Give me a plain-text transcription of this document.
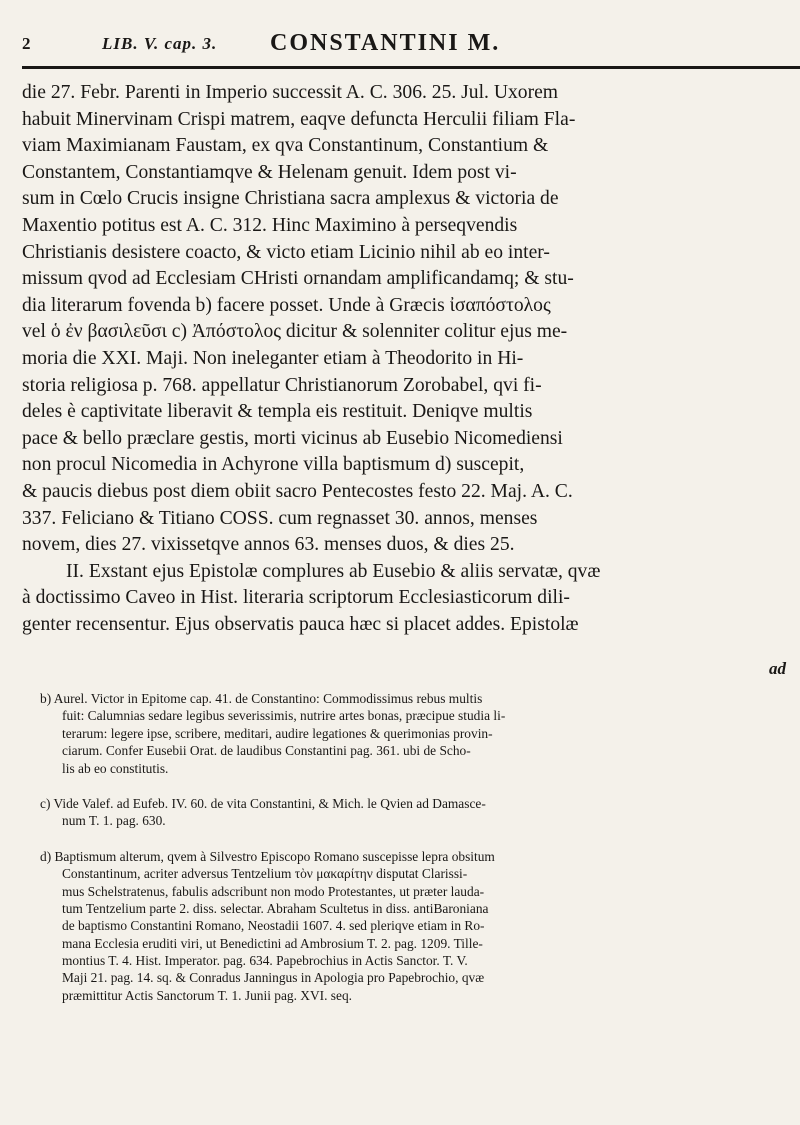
2	LIB. V. cap. 3. CONSTANTINI M.
die 27. Febr. Parenti in Imperio successit A. C. 306. 25. Jul. Uxorem
habuit Minervinam Crispi matrem, eaqve defuncta Herculii filiam Fla-
viam Maximianam Faustam, ex qva Constantinum, Constantium &
Constantem, Constantiamqve & Helenam genuit. Idem post vi-
sum in Cœlo Crucis insigne Christiana sacra amplexus & victoria de
Maxentio potitus est A. C. 312. Hinc Maximino à perseqvendis
Christianis desistere coacto, & victo etiam Licinio nihil ab eo inter-
missum qvod ad Ecclesiam CHristi ornandam amplificandamq; & stu-
dia literarum fovenda b) facere posset. Unde à Græcis ἰσαπόστολος
vel ὁ ἐν βασιλεῦσι c) Ἀπόστολος dicitur & solenniter colitur ejus me-
moria die XXI. Maji. Non ineleganter etiam à Theodorito in Hi-
storia religiosa p. 768. appellatur Christianorum Zorobabel, qvi fi-
deles è captivitate liberavit & templa eis restituit. Deniqve multis
pace & bello præclare gestis, morti vicinus ab Eusebio Nicomediensi
non procul Nicomedia in Achyrone villa baptismum d) suscepit,
& paucis diebus post diem obiit sacro Pentecostes festo 22. Maj. A. C.
337. Feliciano & Titiano COSS. cum regnasset 30. annos, menses
novem, dies 27. vixissetqve annos 63. menses duos, & dies 25.
II. Exstant ejus Epistolæ complures ab Eusebio & aliis servatæ, qvæ
à doctissimo Caveo in Hist. literaria scriptorum Ecclesiasticorum dili-
genter recensentur. Ejus observatis pauca hæc si placet addes. Epistolæ
ad
b) Aurel. Victor in Epitome cap. 41. de Constantino: Commodissimus rebus multis
fuit: Calumnias sedare legibus severissimis, nutrire artes bonas, præcipue studia li-
terarum: legere ipse, scribere, meditari, audire legationes & querimonias provin-
ciarum. Confer Eusebii Orat. de laudibus Constantini pag. 361. ubi de Scho-
lis ab eo constitutis.
c) Vide Valef. ad Eufeb. IV. 60. de vita Constantini, & Mich. le Qvien ad Damasce-
num T. 1. pag. 630.
d) Baptismum alterum, qvem à Silvestro Episcopo Romano suscepisse lepra obsitum
Constantinum, acriter adversus Tentzelium τὸν μακαρίτην disputat Clarissi-
mus Schelstratenus, fabulis adscribunt non modo Protestantes, ut præter lauda-
tum Tentzelium parte 2. diss. selectar. Abraham Scultetus in diss. antiBaroniana
de baptismo Constantini Romano, Neostadii 1607. 4. sed pleriqve etiam in Ro-
mana Ecclesia eruditi viri, ut Benedictini ad Ambrosium T. 2. pag. 1209. Tille-
montius T. 4. Hist. Imperator. pag. 634. Papebrochius in Actis Sanctor. T. V.
Maji 21. pag. 14. sq. & Conradus Janningus in Apologia pro Papebrochio, qvæ
præmittitur Actis Sanctorum T. 1. Junii pag. XVI. seq.
